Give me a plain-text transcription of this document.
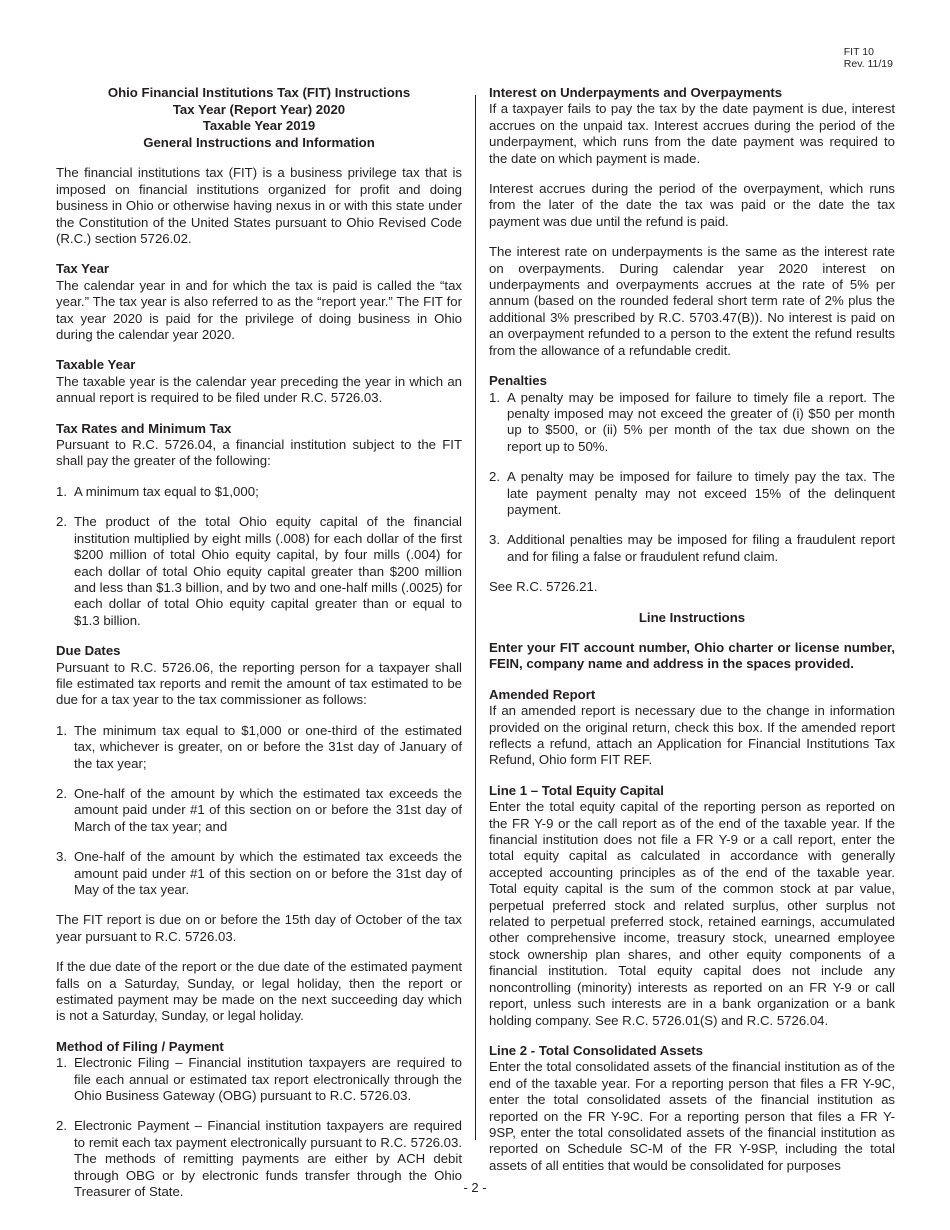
FIT 10
Rev. 11/19
Ohio Financial Institutions Tax (FIT) Instructions
Tax Year (Report Year) 2020
Taxable Year 2019
General Instructions and Information

The financial institutions tax (FIT) is a business privilege tax that is imposed on financial institutions organized for profit and doing business in Ohio or otherwise having nexus in or with this state under the Constitution of the United States pursuant to Ohio Revised Code (R.C.) section 5726.02.

Tax Year

The calendar year in and for which the tax is paid is called the “tax year.” The tax year is also referred to as the “report year.” The FIT for tax year 2020 is paid for the privilege of doing business in Ohio during the calendar year 2020.

Taxable Year

The taxable year is the calendar year preceding the year in which an annual report is required to be filed under R.C. 5726.03.

Tax Rates and Minimum Tax

Pursuant to R.C. 5726.04, a financial institution subject to the FIT shall pay the greater of the following:

1. A minimum tax equal to $1,000;
2. The product of the total Ohio equity capital of the financial institution multiplied by eight mills (.008) for each dollar of the first $200 million of total Ohio equity capital, by four mills (.004) for each dollar of total Ohio equity capital greater than $200 million and less than $1.3 billion, and by two and one-half mills (.0025) for each dollar of total Ohio equity capital greater than or equal to $1.3 billion.
Due Dates

Pursuant to R.C. 5726.06, the reporting person for a taxpayer shall file estimated tax reports and remit the amount of tax estimated to be due for a tax year to the tax commissioner as follows:

1. The minimum tax equal to $1,000 or one-third of the estimated tax, whichever is greater, on or before the 31st day of January of the tax year;
2. One-half of the amount by which the estimated tax exceeds the amount paid under #1 of this section on or before the 31st day of March of the tax year; and
3. One-half of the amount by which the estimated tax exceeds the amount paid under #1 of this section on or before the 31st day of May of the tax year.

The FIT report is due on or before the 15th day of October of the tax year pursuant to R.C. 5726.03.

If the due date of the report or the due date of the estimated payment falls on a Saturday, Sunday, or legal holiday, then the report or estimated payment may be made on the next succeeding day which is not a Saturday, Sunday, or legal holiday.

Method of Filing / Payment
1. Electronic Filing – Financial institution taxpayers are required to file each annual or estimated tax report electronically through the Ohio Business Gateway (OBG) pursuant to R.C. 5726.03.
2. Electronic Payment – Financial institution taxpayers are required to remit each tax payment electronically pursuant to R.C. 5726.03. The methods of remitting payments are either by ACH debit through OBG or by electronic funds transfer through the Ohio Treasurer of State.
Interest on Underpayments and Overpayments

If a taxpayer fails to pay the tax by the date payment is due, interest accrues on the unpaid tax. Interest accrues during the period of the underpayment, which runs from the date payment was required to the date on which payment is made.

Interest accrues during the period of the overpayment, which runs from the later of the date the tax was paid or the date the tax payment was due until the refund is paid.

The interest rate on underpayments is the same as the interest rate on overpayments. During calendar year 2020 interest on underpayments and overpayments accrues at the rate of 5% per annum (based on the rounded federal short term rate of 2% plus the additional 3% prescribed by R.C. 5703.47(B)). No interest is paid on an overpayment refunded to a person to the extent the refund results from the allowance of a refundable credit.

Penalties
1. A penalty may be imposed for failure to timely file a report. The penalty imposed may not exceed the greater of (i) $50 per month up to $500, or (ii) 5% per month of the tax due shown on the report up to 50%.
2. A penalty may be imposed for failure to timely pay the tax. The late payment penalty may not exceed 15% of the delinquent payment.
3. Additional penalties may be imposed for filing a fraudulent report and for filing a false or fraudulent refund claim.

See R.C. 5726.21.

Line Instructions

Enter your FIT account number, Ohio charter or license number, FEIN, company name and address in the spaces provided.

Amended Report

If an amended report is necessary due to the change in information provided on the original return, check this box. If the amended report reflects a refund, attach an Application for Financial Institutions Tax Refund, Ohio form FIT REF.

Line 1 – Total Equity Capital

Enter the total equity capital of the reporting person as reported on the FR Y-9 or the call report as of the end of the taxable year. If the financial institution does not file a FR Y-9 or a call report, enter the total equity capital as calculated in accordance with generally accepted accounting principles as of the end of the taxable year. Total equity capital is the sum of the common stock at par value, perpetual preferred stock and related surplus, other surplus not related to perpetual preferred stock, retained earnings, accumulated other comprehensive income, treasury stock, unearned employee stock ownership plan shares, and other equity components of a financial institution. Total equity capital does not include any noncontrolling (minority) interests as reported on an FR Y-9 or call report, unless such interests are in a bank organization or a bank holding company. See R.C. 5726.01(S) and R.C. 5726.04.

Line 2 - Total Consolidated Assets

Enter the total consolidated assets of the financial institution as of the end of the taxable year. For a reporting person that files a FR Y-9C, enter the total consolidated assets of the financial institution as reported on the FR Y-9C. For a reporting person that files a FR Y-9SP, enter the total consolidated assets of the financial institution as reported on Schedule SC-M of the FR Y-9SP, including the total assets of all entities that would be consolidated for purposes

- 2 -
